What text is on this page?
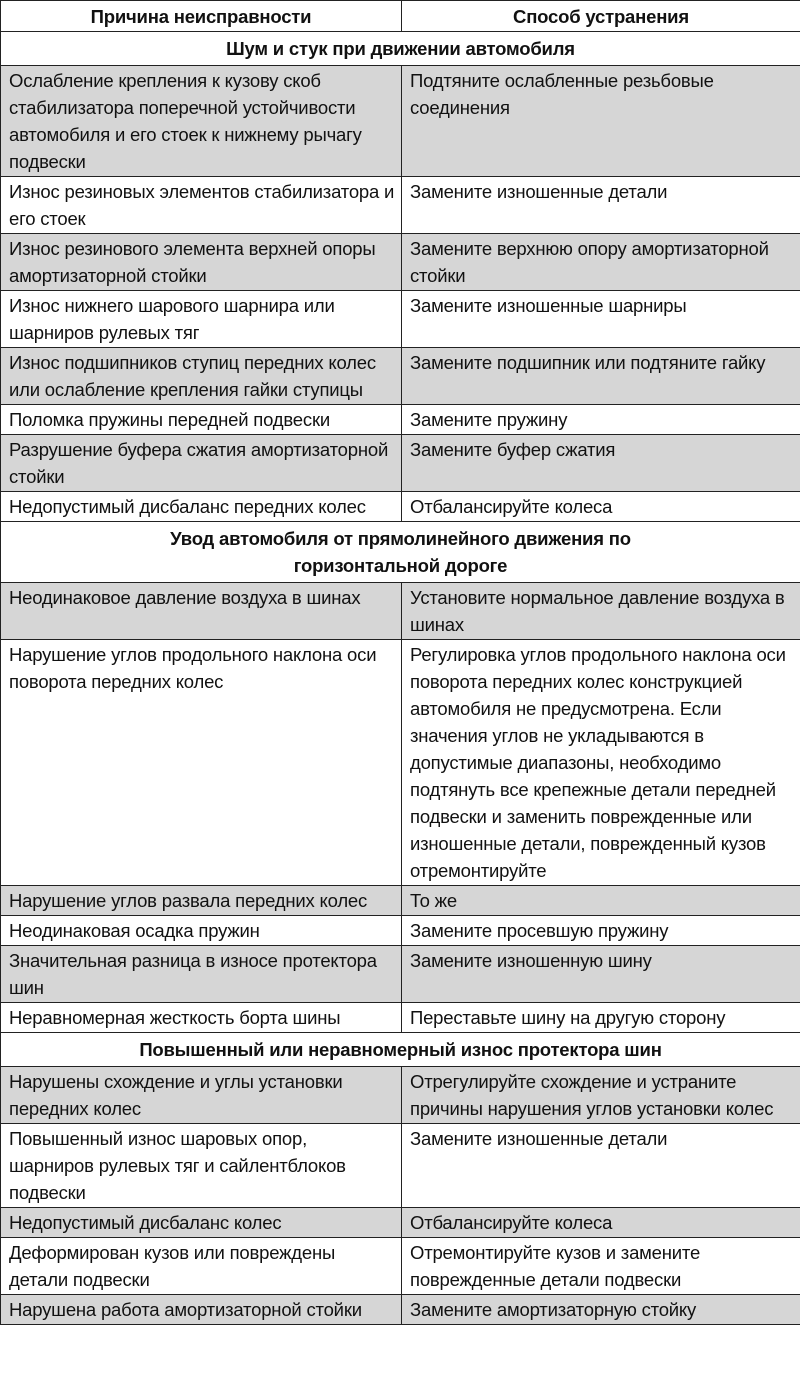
Причина неисправности	Способ устранения
Шум и стук при движении автомобиля	
Ослабление крепления к кузову скоб стабилизатора поперечной устойчивости автомобиля и его стоек к нижнему рычагу подвески	Подтяните ослабленные резьбовые соединения
Износ резиновых элементов стабилизатора и его стоек	Замените изношенные детали
Износ резинового элемента верхней опоры амортизаторной стойки	Замените верхнюю опору амортизаторной стойки
Износ нижнего шарового шарнира или шарниров рулевых тяг	Замените изношенные шарниры
Износ подшипников ступиц передних колес или ослабление крепления гайки ступицы	Замените подшипник или подтяните гайку
Поломка пружины передней подвески	Замените пружину
Разрушение буфера сжатия амортизаторной стойки	Замените буфер сжатия
Недопустимый дисбаланс передних колес	Отбалансируйте колеса
Увод автомобиля от прямолинейного движения по горизонтальной дороге	
Неодинаковое давление воздуха в шинах	Установите нормальное давление воздуха в шинах
Нарушение углов продольного наклона оси поворота передних колес	Регулировка углов продольного наклона оси поворота передних колес конструкцией автомобиля не предусмотрена. Если значения углов не укладываются в допустимые диапазоны, необходимо подтянуть все крепежные детали передней подвески и заменить поврежденные или изношенные детали, поврежденный кузов отремонтируйте
Нарушение углов развала передних колес	То же
Неодинаковая осадка пружин	Замените просевшую пружину
Значительная разница в износе протектора шин	Замените изношенную шину
Неравномерная жесткость борта шины	Переставьте шину на другую сторону
Повышенный или неравномерный износ протектора шин	
Нарушены схождение и углы установки передних колес	Отрегулируйте схождение и устраните причины нарушения углов установки колес
Повышенный износ шаровых опор, шарниров рулевых тяг и сайлентблоков подвески	Замените изношенные детали
Недопустимый дисбаланс колес	Отбалансируйте колеса
Деформирован кузов или повреждены детали подвески	Отремонтируйте кузов и замените поврежденные детали подвески
Нарушена работа амортизаторной стойки	Замените амортизаторную стойку
